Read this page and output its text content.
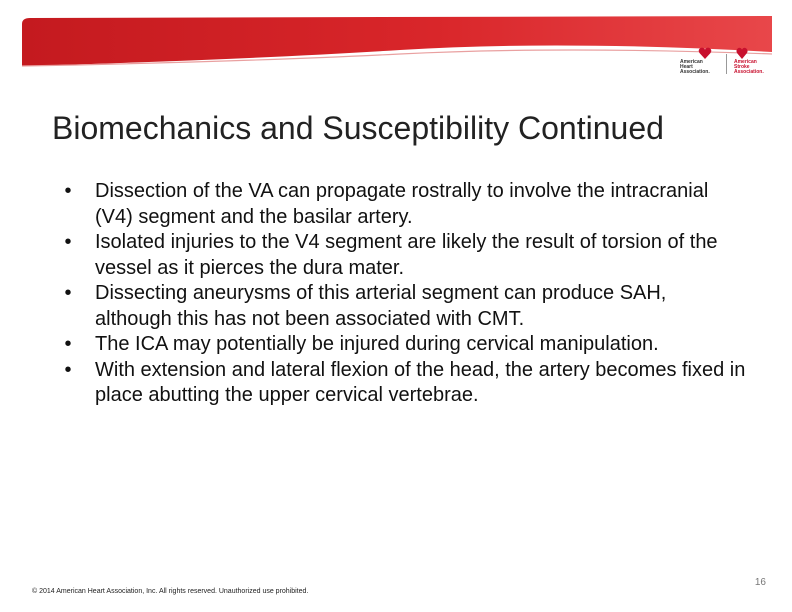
American
Heart
Association.
American
Stroke
Association.
Biomechanics and Susceptibility Continued
•	Dissection of the VA can propagate rostrally to involve the intracranial (V4) segment and the basilar artery.
•	Isolated injuries to the V4 segment are likely the result of torsion of the vessel as it pierces the dura mater.
•	Dissecting aneurysms of this arterial segment can produce SAH, although this has not been associated with CMT.
•	The ICA may potentially be injured during cervical manipulation.
•	With extension and lateral flexion of the head, the artery becomes fixed in place abutting the upper cervical vertebrae.
16
© 2014 American Heart Association, Inc. All rights reserved. Unauthorized use prohibited.
